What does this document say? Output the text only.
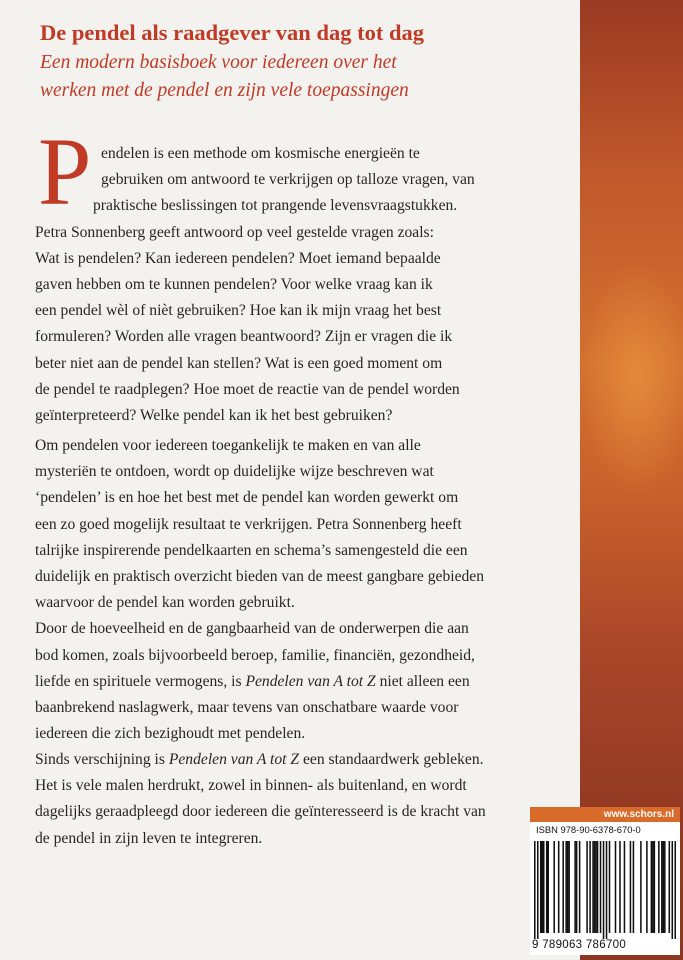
De pendel als raadgever van dag tot dag
Een modern basisboek voor iedereen over het
werken met de pendel en zijn vele toepassingen
P endelen is een methode om kosmische energieën te
gebruiken om antwoord te verkrijgen op talloze vragen, van
praktische beslissingen tot prangende levensvraagstukken.
Petra Sonnenberg geeft antwoord op veel gestelde vragen zoals:
Wat is pendelen? Kan iedereen pendelen? Moet iemand bepaalde
gaven hebben om te kunnen pendelen? Voor welke vraag kan ik
een pendel wèl of nièt gebruiken? Hoe kan ik mijn vraag het best
formuleren? Worden alle vragen beantwoord? Zijn er vragen die ik
beter niet aan de pendel kan stellen? Wat is een goed moment om
de pendel te raadplegen? Hoe moet de reactie van de pendel worden
geïnterpreteerd? Welke pendel kan ik het best gebruiken?
Om pendelen voor iedereen toegankelijk te maken en van alle
mysteriën te ontdoen, wordt op duidelijke wijze beschreven wat
‘pendelen’ is en hoe het best met de pendel kan worden gewerkt om
een zo goed mogelijk resultaat te verkrijgen. Petra Sonnenberg heeft
talrijke inspirerende pendelkaarten en schema’s samengesteld die een
duidelijk en praktisch overzicht bieden van de meest gangbare gebieden
waarvoor de pendel kan worden gebruikt.
Door de hoeveelheid en de gangbaarheid van de onderwerpen die aan
bod komen, zoals bijvoorbeeld beroep, familie, financiën, gezondheid,
liefde en spirituele vermogens, is Pendelen van A tot Z niet alleen een
baanbrekend naslagwerk, maar tevens van onschatbare waarde voor
iedereen die zich bezighoudt met pendelen.
Sinds verschijning is Pendelen van A tot Z een standaardwerk gebleken.
Het is vele malen herdrukt, zowel in binnen- als buitenland, en wordt
dagelijks geraadpleegd door iedereen die geïnteresseerd is de kracht van
de pendel in zijn leven te integreren.
www.schors.nl
ISBN 978-90-6378-670-0
9 789063 786700
